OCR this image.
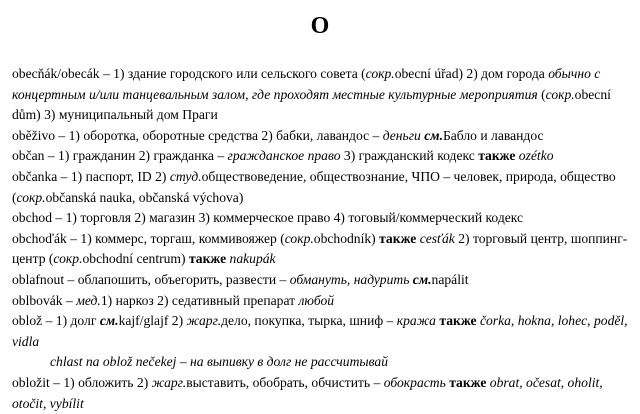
O

obecňák/obecák – 1) здание городского или сельского совета (сокр.obecní úřad) 2) дом города обычно с концертным и/или танцевальным залом, где проходят местные культурные мероприятия (сокр.obecní dům) 3) муниципальный дом Праги

oběživo – 1) оборотка, оборотные средства 2) бабки, лавандос – деньги см.Бабло и лавандос

občan – 1) гражданин 2) гражданка – гражданское право 3) гражданский кодекс также ozétko

občanka – 1) паспорт, ID 2) студ.обществоведение, обществознание, ЧПО – человек, природа, общество (сокр.občanská nauka, občanská výchova)

obchod – 1) торговля 2) магазин 3) коммерческое право 4) тоговый/коммерческий кодекс

obchoďák – 1) коммерс, торгаш, коммивояжер (сокр.obchodník) также cesťák 2) торговый центр, шоппинг-центр (сокр.obchodní centrum) также nakupák

oblafnout – облапошить, объегорить, развести – обмануть, надурить см.napálit

oblbovák – мед.1) наркоз 2) седативный препарат любой

oblož – 1) долг см.kajf/glajf 2) жарг.дело, покупка, тырка, шниф – кража также čorka, hokna, lohec, poděl, vidla

chlast na oblož nečekej – на выпивку в долг не рассчитывай

obložit – 1) обложить 2) жарг.выставить, обобрать, обчистить – обокрасть также obrat, očesat, oholit, otočit, vybílit
